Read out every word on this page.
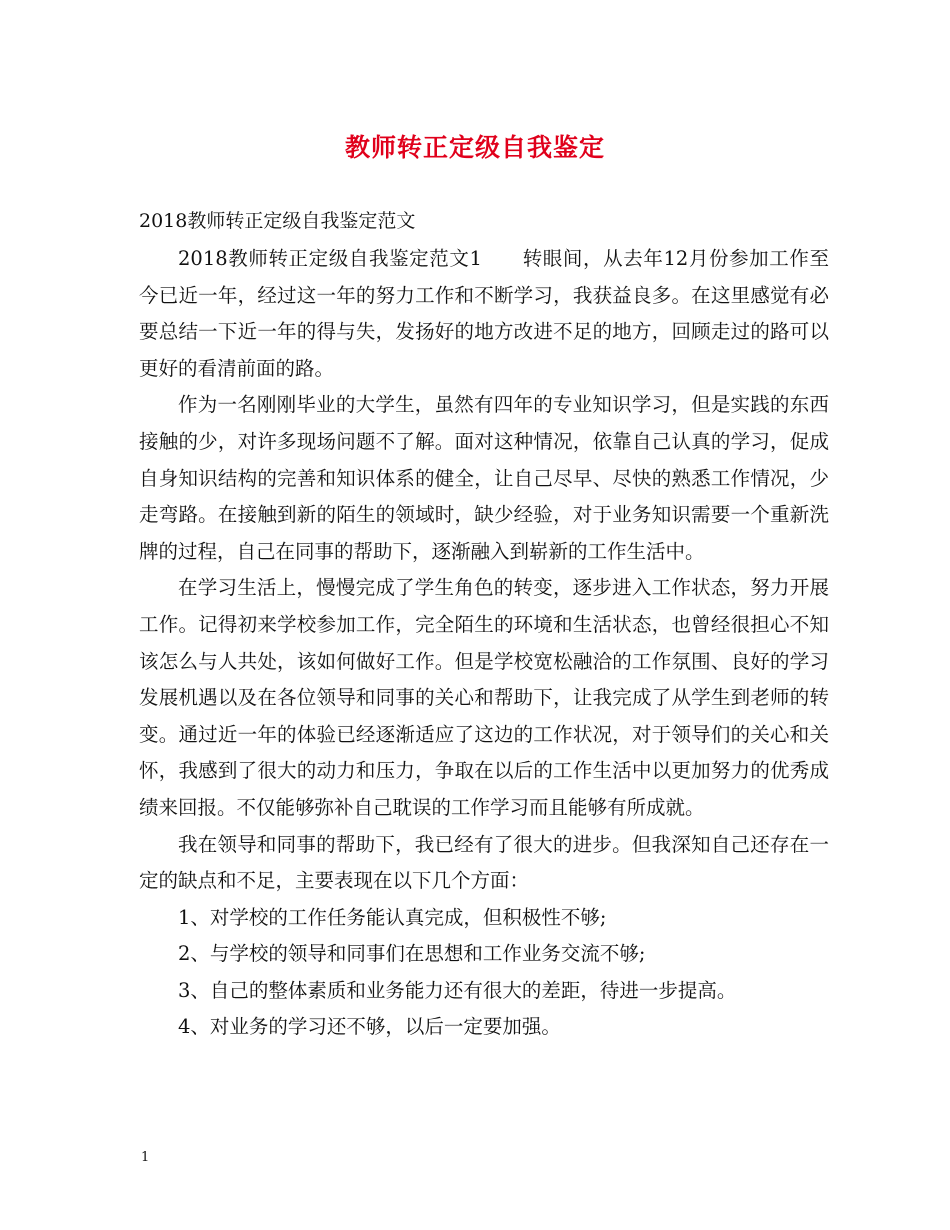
教师转正定级自我鉴定
2018教师转正定级自我鉴定范文

2018教师转正定级自我鉴定范文1　　转眼间，从去年12月份参加工作至今已近一年，经过这一年的努力工作和不断学习，我获益良多。在这里感觉有必要总结一下近一年的得与失，发扬好的地方改进不足的地方，回顾走过的路可以更好的看清前面的路。

作为一名刚刚毕业的大学生，虽然有四年的专业知识学习，但是实践的东西接触的少，对许多现场问题不了解。面对这种情况，依靠自己认真的学习，促成自身知识结构的完善和知识体系的健全，让自己尽早、尽快的熟悉工作情况，少走弯路。在接触到新的陌生的领域时，缺少经验，对于业务知识需要一个重新洗牌的过程，自己在同事的帮助下，逐渐融入到崭新的工作生活中。

在学习生活上，慢慢完成了学生角色的转变，逐步进入工作状态，努力开展工作。记得初来学校参加工作，完全陌生的环境和生活状态，也曾经很担心不知该怎么与人共处，该如何做好工作。但是学校宽松融洽的工作氛围、良好的学习发展机遇以及在各位领导和同事的关心和帮助下，让我完成了从学生到老师的转变。通过近一年的体验已经逐渐适应了这边的工作状况，对于领导们的关心和关怀，我感到了很大的动力和压力，争取在以后的工作生活中以更加努力的优秀成绩来回报。不仅能够弥补自己耽误的工作学习而且能够有所成就。

我在领导和同事的帮助下，我已经有了很大的进步。但我深知自己还存在一定的缺点和不足，主要表现在以下几个方面：

1、对学校的工作任务能认真完成，但积极性不够;

2、与学校的领导和同事们在思想和工作业务交流不够;

3、自己的整体素质和业务能力还有很大的差距，待进一步提高。

4、对业务的学习还不够，以后一定要加强。

1
